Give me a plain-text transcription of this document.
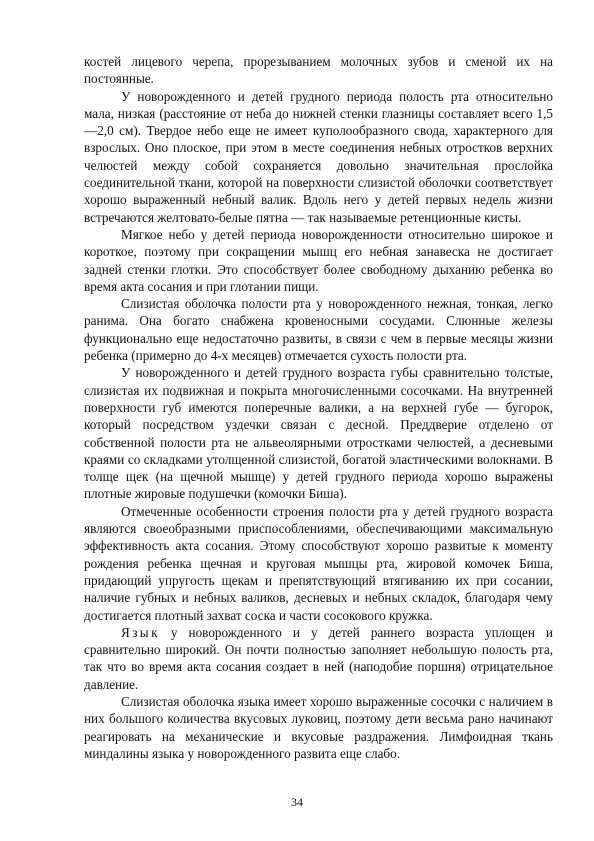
костей лицевого черепа, прорезыванием молочных зубов и сменой их на постоянные.

У новорожденного и детей грудного периода полость рта относительно мала, низкая (расстояние от неба до нижней стенки глазницы составляет всего 1,5—2,0 см). Твердое небо еще не имеет куполообразного свода, характерного для взрослых. Оно плоское, при этом в месте соединения небных отростков верхних челюстей между собой сохраняется довольно значительная прослойка соединительной ткани, которой на поверхности слизистой оболочки соответствует хорошо выраженный небный валик. Вдоль него у детей первых недель жизни встречаются желтовато-белые пятна — так называемые ретенционные кисты.

Мягкое небо у детей периода новорожденности относительно широкое и короткое, поэтому при сокращении мышц его небная занавеска не достигает задней стенки глотки. Это способствует более свободному дыханию ребенка во время акта сосания и при глотании пищи.

Слизистая оболочка полости рта у новорожденного нежная, тонкая, легко ранима. Она богато снабжена кровеносными сосудами. Слюнные железы функционально еще недостаточно развиты, в связи с чем в первые месяцы жизни ребенка (примерно до 4-х месяцев) отмечается сухость полости рта.

У новорожденного и детей грудного возраста губы сравнительно толстые, слизистая их подвижная и покрыта многочисленными сосочками. На внутренней поверхности губ имеются поперечные валики, а на верхней губе — бугорок, который посредством уздечки связан с десной. Преддверие отделено от собственной полости рта не альвеолярными отростками челюстей, а десневыми краями со складками утолщенной слизистой, богатой эластическими волокнами. В толще щек (на щечной мышце) у детей грудного периода хорошо выражены плотные жировые подушечки (комочки Биша).

Отмеченные особенности строения полости рта у детей грудного возраста являются своеобразными приспособлениями, обеспечивающими максимальную эффективность акта сосания. Этому способствуют хорошо развитые к моменту рождения ребенка щечная и круговая мышцы рта, жировой комочек Биша, придающий упругость щекам и препятствующий втягиванию их при сосании, наличие губных и небных валиков, десневых и небных складок, благодаря чему достигается плотный захват соска и части сосокового кружка.

Язык у новорожденного и у детей раннего возраста уплощен и сравнительно широкий. Он почти полностью заполняет небольшую полость рта, так что во время акта сосания создает в ней (наподобие поршня) отрицательное давление.

Слизистая оболочка языка имеет хорошо выраженные сосочки с наличием в них большого количества вкусовых луковиц, поэтому дети весьма рано начинают реагировать на механические и вкусовые раздражения. Лимфоидная ткань миндалины языка у новорожденного развита еще слабо.

34
